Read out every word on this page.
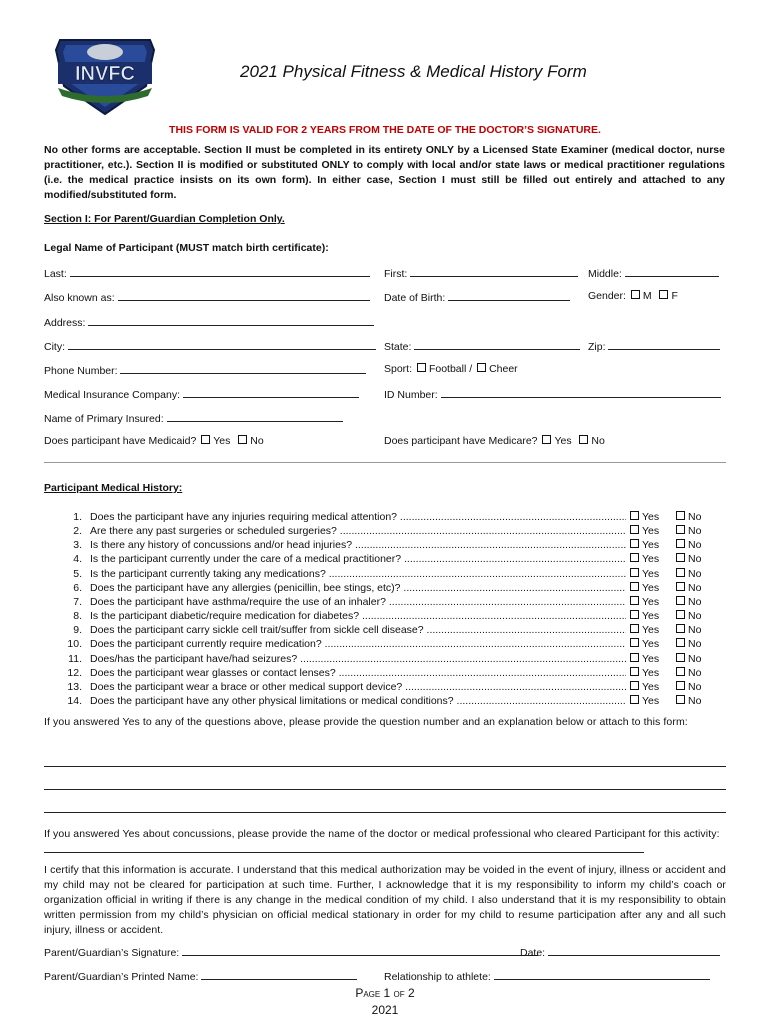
INVFC	2021 Physical Fitness & Medical History Form
THIS FORM IS VALID FOR 2 YEARS FROM THE DATE OF THE DOCTOR’S SIGNATURE.
No other forms are acceptable. Section II must be completed in its entirety ONLY by a Licensed State Examiner (medical doctor, nurse practitioner, etc.). Section II is modified or substituted ONLY to comply with local and/or state laws or medical practitioner regulations (i.e. the medical practice insists on its own form). In either case, Section I must still be filled out entirely and attached to any modified/substituted form.
Section I: For Parent/Guardian Completion Only.
Legal Name of Participant (MUST match birth certificate):
Last:	First:	Middle:
Also known as:	Date of Birth:	Gender: M F
Address:
City:	State:	Zip:
Phone Number:	Sport: Football / Cheer
Medical Insurance Company:	ID Number:
Name of Primary Insured:
Does participant have Medicaid? Yes No	Does participant have Medicare? Yes No
Participant Medical History:
1. Does the participant have any injuries requiring medical attention? .....	Yes	No
2. Are there any past surgeries or scheduled surgeries? .....	Yes	No
3. Is there any history of concussions and/or head injuries? .....	Yes	No
4. Is the participant currently under the care of a medical practitioner? .....	Yes	No
5. Is the participant currently taking any medications? .....	Yes	No
6. Does the participant have any allergies (penicillin, bee stings, etc)? .....	Yes	No
7. Does the participant have asthma/require the use of an inhaler? .....	Yes	No
8. Is the participant diabetic/require medication for diabetes? .....	Yes	No
9. Does the participant carry sickle cell trait/suffer from sickle cell disease? .....	Yes	No
10. Does the participant currently require medication? .....	Yes	No
11. Does/has the participant have/had seizures? .....	Yes	No
12. Does the participant wear glasses or contact lenses? .....	Yes	No
13. Does the participant wear a brace or other medical support device? .....	Yes	No
14. Does the participant have any other physical limitations or medical conditions? .....	Yes	No
If you answered Yes to any of the questions above, please provide the question number and an explanation below or attach to this form:
If you answered Yes about concussions, please provide the name of the doctor or medical professional who cleared Participant for this activity:
I certify that this information is accurate. I understand that this medical authorization may be voided in the event of injury, illness or accident and my child may not be cleared for participation at such time. Further, I acknowledge that it is my responsibility to inform my child’s coach or organization official in writing if there is any change in the medical condition of my child. I also understand that it is my responsibility to obtain written permission from my child’s physician on official medical stationary in order for my child to resume participation after any and all such injury, illness or accident.
Parent/Guardian’s Signature:	Date:
Parent/Guardian’s Printed Name:	Relationship to athlete:
Page 1 of 2
2021
